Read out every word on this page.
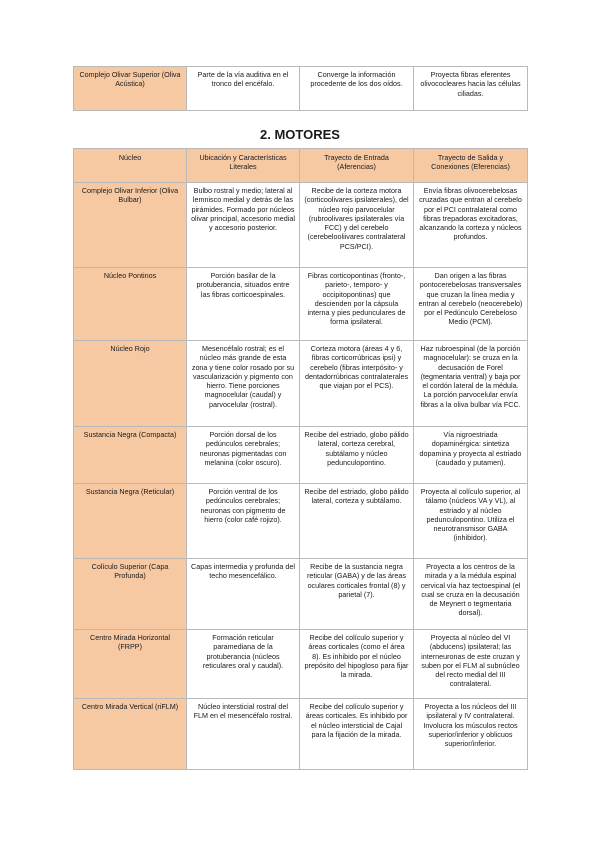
Complejo Olivar Superior (Oliva Acústica)	Parte de la vía auditiva en el tronco del encéfalo.	Converge la información procedente de los dos oídos.	Proyecta fibras eferentes olivococleares hacia las células ciliadas.
2. MOTORES
Núcleo	Ubicación y Características Literales	Trayecto de Entrada (Aferencias)	Trayecto de Salida y Conexiones (Eferencias)
Complejo Olivar Inferior (Oliva Bulbar)	Bulbo rostral y medio; lateral al lemnisco medial y detrás de las pirámides. Formado por núcleos olivar principal, accesorio medial y accesorio posterior.	Recibe de la corteza motora (corticoolivares ipsilaterales), del núcleo rojo parvocelular (rubroolivares ipsilaterales vía FCC) y del cerebelo (cerebelooliivares contralateral PCS/PCI).	Envía fibras olivocerebelosas cruzadas que entran al cerebelo por el PCI contralateral como fibras trepadoras excitadoras, alcanzando la corteza y núcleos profundos.
Núcleo Pontinos	Porción basilar de la protuberancia, situados entre las fibras corticoespinales.	Fibras corticopontinas (fronto-, parieto-, temporo- y occipitopontinas) que descienden por la cápsula interna y pies pedunculares de forma ipsilateral.	Dan origen a las fibras pontocerebelosas transversales que cruzan la línea media y entran al cerebelo (neocerebelo) por el Pedúnculo Cerebeloso Medio (PCM).
Núcleo Rojo	Mesencéfalo rostral; es el núcleo más grande de esta zona y tiene color rosado por su vascularización y pigmento con hierro. Tiene porciones magnocelular (caudal) y parvocelular (rostral).	Corteza motora (áreas 4 y 6, fibras corticorrúbricas ipsi) y cerebelo (fibras interpósito- y dentadorrúbricas contralaterales que viajan por el PCS).	Haz rubroespinal (de la porción magnocelular): se cruza en la decusación de Forel (tegmentaria ventral) y baja por el cordón lateral de la médula. La porción parvocelular envía fibras a la oliva bulbar vía FCC.
Sustancia Negra (Compacta)	Porción dorsal de los pedúnculos cerebrales; neuronas pigmentadas con melanina (color oscuro).	Recibe del estriado, globo pálido lateral, corteza cerebral, subtálamo y núcleo pedunculopontino.	Vía nigroestriada dopaminérgica: sintetiza dopamina y proyecta al estriado (caudado y putamen).
Sustancia Negra (Reticular)	Porción ventral de los pedúnculos cerebrales; neuronas con pigmento de hierro (color café rojizo).	Recibe del estriado, globo pálido lateral, corteza y subtálamo.	Proyecta al colículo superior, al tálamo (núcleos VA y VL), al estriado y al núcleo pedunculopontino. Utiliza el neurotransmisor GABA (inhibidor).
Colículo Superior (Capa Profunda)	Capas intermedia y profunda del techo mesencefálico.	Recibe de la sustancia negra reticular (GABA) y de las áreas oculares corticales frontal (8) y parietal (7).	Proyecta a los centros de la mirada y a la médula espinal cervical vía haz tectoespinal (el cual se cruza en la decusación de Meynert o tegmentaria dorsal).
Centro Mirada Horizontal (FRPP)	Formación reticular paramediana de la protuberancia (núcleos reticulares oral y caudal).	Recibe del colículo superior y áreas corticales (como el área 8). Es inhibido por el núcleo prepósito del hipogloso para fijar la mirada.	Proyecta al núcleo del VI (abducens) ipsilateral; las interneuronas de este cruzan y suben por el FLM al subnúcleo del recto medial del III contralateral.
Centro Mirada Vertical (riFLM)	Núcleo intersticial rostral del FLM en el mesencéfalo rostral.	Recibe del colículo superior y áreas corticales. Es inhibido por el núcleo intersticial de Cajal para la fijación de la mirada.	Proyecta a los núcleos del III ipsilateral y IV contralateral. Involucra los músculos rectos superior/inferior y oblicuos superior/inferior.
